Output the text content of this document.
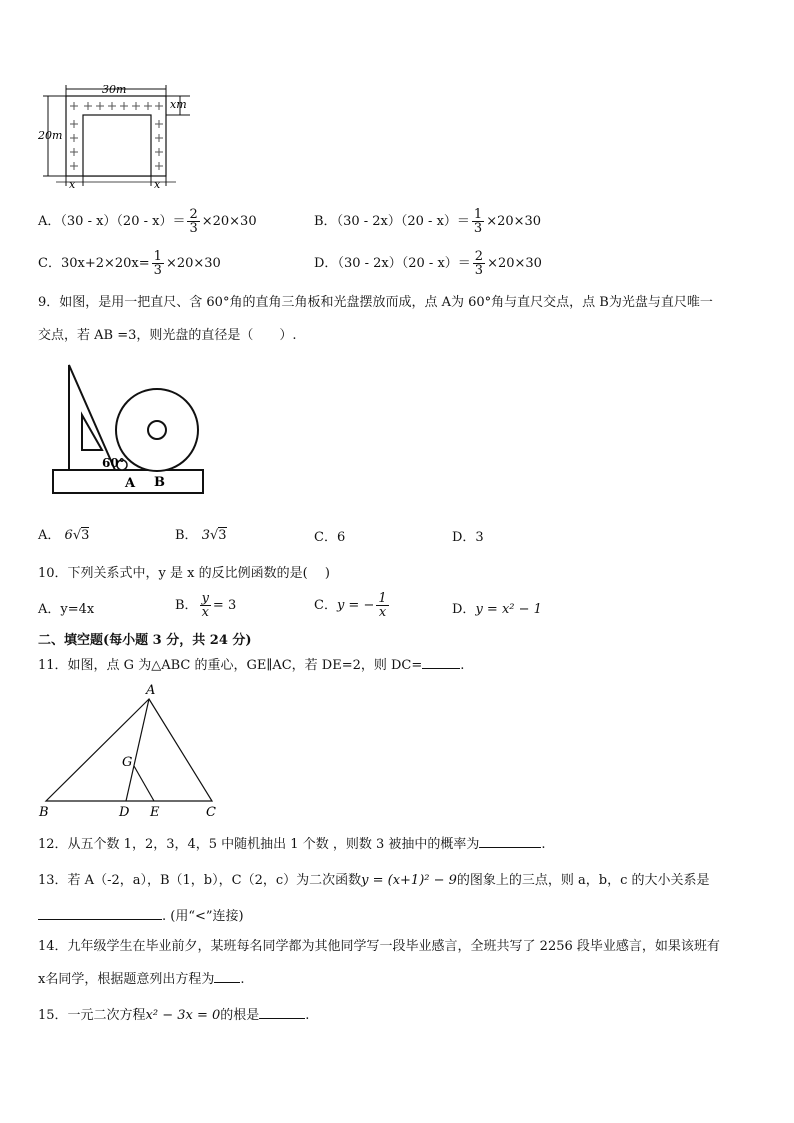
30m
20m
xm
x	x
A．$(30 - x)(20 - x)= \frac{2}{3} \times 20\times 30$	B．$(30 - 2x)(20 - x)= \frac{1}{3} \times 20\times 30$
C．$30x+2\times 20x= \frac{1}{3} \times 20\times 30$	D．$(30 - 2x)(20 - x)= \frac{2}{3} \times 20\times 30$
9．如图，是用一把直尺、含 60°角的直角三角板和光盘摆放而成，点 A为 60°角与直尺交点，点 B为光盘与直尺唯一
交点，若 AB =3，则光盘的直径是（　　）.
60°
A B
A． 6√3	B． 3√3	C．6	D．3
10．下列关系式中，y 是 x 的反比例函数的是(　 )
A．y=4x	B． $\frac{y}{x} = 3$	C．y = − $\frac{1}{x}$	D．y = x² − 1
二、填空题(每小题 3 分，共 24 分)
11．如图，点 G 为△ABC 的重心，GE∥AC，若 DE=2，则 DC=	.
A
G
B	D E	C
12．从五个数 1，2，3，4，5 中随机抽出 1 个数 ，则数 3 被抽中的概率为	.
13．若 A（-2，a），B（1，b），C（2，c）为二次函数y = (x+1)² − 9的图象上的三点，则 a，b，c 的大小关系是
. (用“<”连接)
14．九年级学生在毕业前夕，某班每名同学都为其他同学写一段毕业感言，全班共写了 2256 段毕业感言，如果该班有
x名同学，根据题意列出方程为 .
15．一元二次方程x² − 3x = 0的根是	.
